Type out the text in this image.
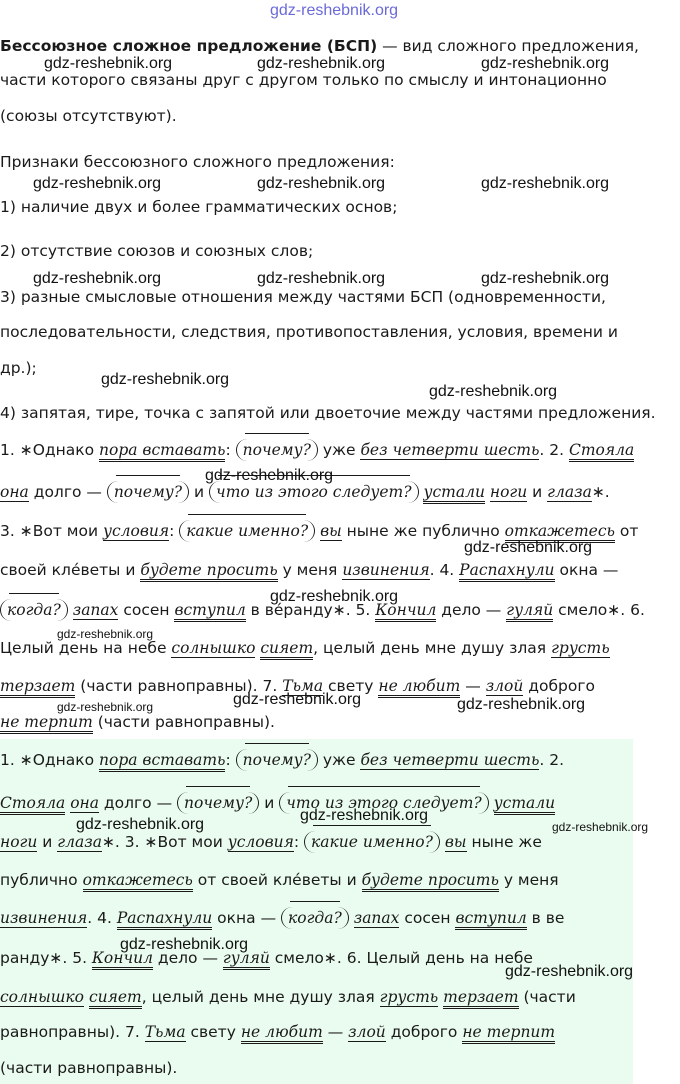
gdz-reshebnik.org
Бессоюзное сложное предложение (БСП) — вид сложного предложения,
части которого связаны друг с другом только по смыслу и интонационно
(союзы отсутствуют).
Признаки бессоюзного сложного предложения:
1) наличие двух и более грамматических основ;
2) отсутствие союзов и союзных слов;
3) разные смысловые отношения между частями БСП (одновременности,
последовательности, следствия, противопоставления, условия, времени и
др.);
4) запятая, тире, точка с запятой или двоеточие между частями предложения.
1. ∗Однако пора вставать: почему? уже без четверти шесть. 2. Стояла
она долго — почему? и что из этого следует? устали ноги и глаза∗.
3. ∗Вот мои условия: какие именно? вы ныне же публично откажетесь от
своей кле́веты и будете просить у меня извинения. 4. Распахнули окна —
когда? запах сосен вступил в ве́ранду∗. 5. Кончил дело — гуляй смело∗. 6.
Целый день на небе солнышко сияет, целый день мне душу злая грусть
терзает (части равноправны). 7. Тьма свету не любит — злой доброго
не терпит (части равноправны).
1. ∗Однако пора вставать: почему? уже без четверти шесть. 2.
Стояла она долго — почему? и что из этого следует? устали
ноги и глаза∗. 3. ∗Вот мои условия: какие именно? вы ныне же
публично откажетесь от своей кле́веты и будете просить у меня
извинения. 4. Распахнули окна — когда? запах сосен вступил в ве
ранду∗. 5. Кончил дело — гуляй смело∗. 6. Целый день на небе
солнышко сияет, целый день мне душу злая грусть терзает (части
равноправны). 7. Тьма свету не любит — злой доброго не терпит
(части равноправны).
gdz-reshebnik.org	gdz-reshebnik.org	gdz-reshebnik.org
gdz-reshebnik.org	gdz-reshebnik.org	gdz-reshebnik.org
gdz-reshebnik.org	gdz-reshebnik.org	gdz-reshebnik.org
gdz-reshebnik.org
gdz-reshebnik.org
gdz-reshebnik.org
gdz-reshebnik.org
gdz-reshebnik.org
gdz-reshebnik.org
gdz-reshebnik.org	gdz-reshebnik.org
gdz-reshebnik.org
gdz-reshebnik.org
gdz-reshebnik.org	gdz-reshebnik.org
gdz-reshebnik.org
gdz-reshebnik.org
